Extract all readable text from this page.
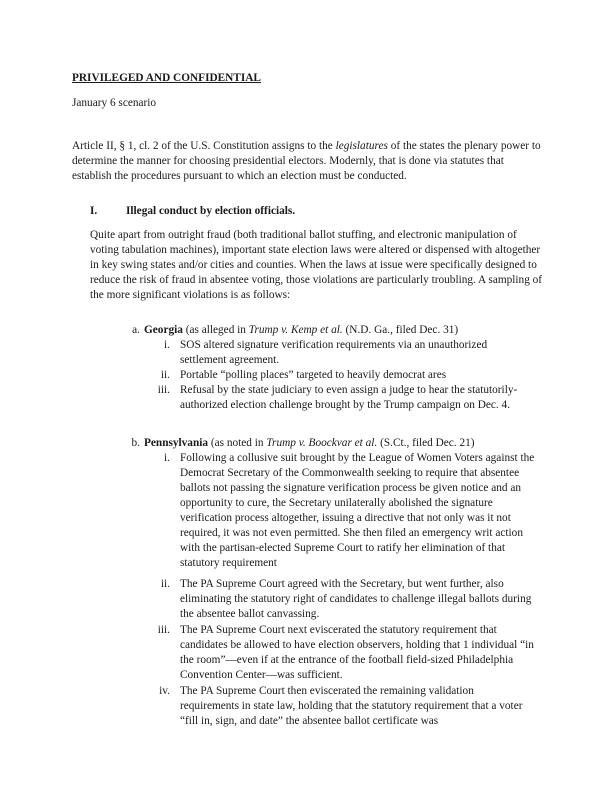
PRIVILEGED AND CONFIDENTIAL
January 6 scenario
Article II, § 1, cl. 2 of the U.S. Constitution assigns to the legislatures of the states the plenary power to determine the manner for choosing presidential electors. Modernly, that is done via statutes that establish the procedures pursuant to which an election must be conducted.
I.	Illegal conduct by election officials.
Quite apart from outright fraud (both traditional ballot stuffing, and electronic manipulation of voting tabulation machines), important state election laws were altered or dispensed with altogether in key swing states and/or cities and counties. When the laws at issue were specifically designed to reduce the risk of fraud in absentee voting, those violations are particularly troubling. A sampling of the more significant violations is as follows:
a. Georgia (as alleged in Trump v. Kemp et al. (N.D. Ga., filed Dec. 31)
i. SOS altered signature verification requirements via an unauthorized settlement agreement.
ii. Portable “polling places” targeted to heavily democrat ares
iii. Refusal by the state judiciary to even assign a judge to hear the statutorily-authorized election challenge brought by the Trump campaign on Dec. 4.
b. Pennsylvania (as noted in Trump v. Boockvar et al. (S.Ct., filed Dec. 21)
i. Following a collusive suit brought by the League of Women Voters against the Democrat Secretary of the Commonwealth seeking to require that absentee ballots not passing the signature verification process be given notice and an opportunity to cure, the Secretary unilaterally abolished the signature verification process altogether, issuing a directive that not only was it not required, it was not even permitted. She then filed an emergency writ action with the partisan-elected Supreme Court to ratify her elimination of that statutory requirement
ii. The PA Supreme Court agreed with the Secretary, but went further, also eliminating the statutory right of candidates to challenge illegal ballots during the absentee ballot canvassing.
iii. The PA Supreme Court next eviscerated the statutory requirement that candidates be allowed to have election observers, holding that 1 individual “in the room”—even if at the entrance of the football field-sized Philadelphia Convention Center—was sufficient.
iv. The PA Supreme Court then eviscerated the remaining validation requirements in state law, holding that the statutory requirement that a voter “fill in, sign, and date” the absentee ballot certificate was
